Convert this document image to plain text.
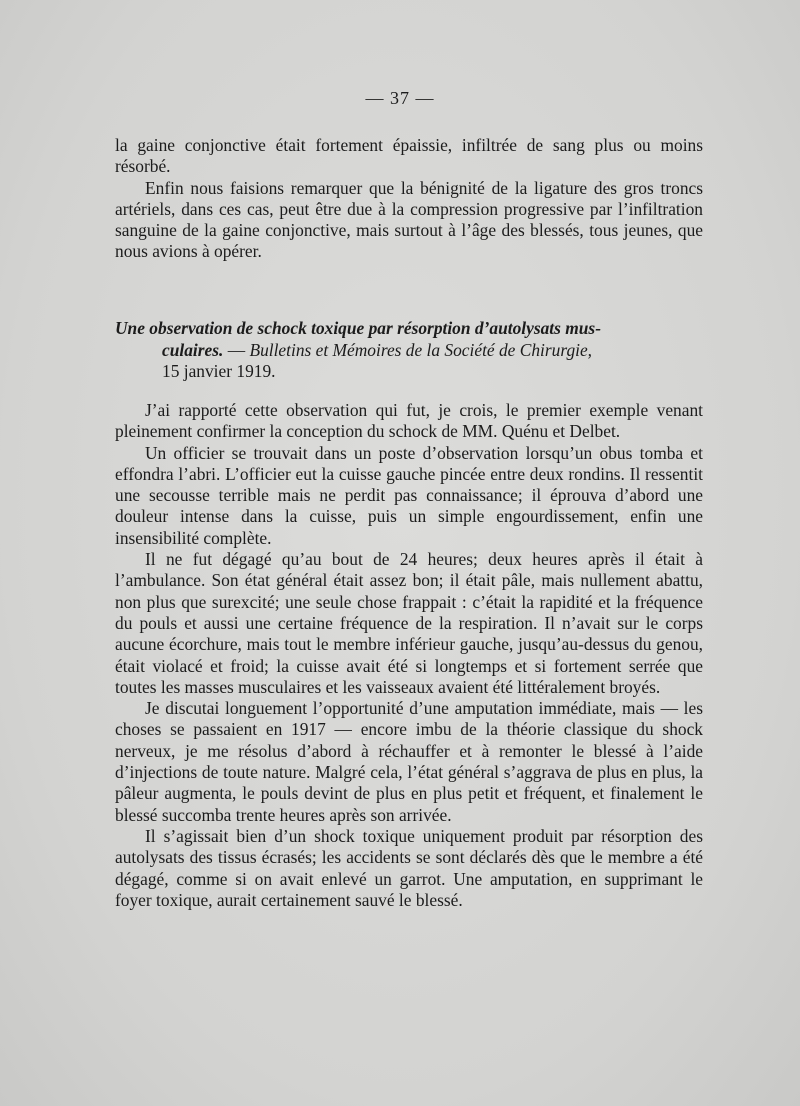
— 37 —

la gaine conjonctive était fortement épaissie, infiltrée de sang plus ou moins résorbé.

Enfin nous faisions remarquer que la bénignité de la ligature des gros troncs artériels, dans ces cas, peut être due à la compression progressive par l’infiltration sanguine de la gaine conjonctive, mais surtout à l’âge des blessés, tous jeunes, que nous avions à opérer.

Une observation de schock toxique par résorption d’autolysats mus-

culaires. — Bulletins et Mémoires de la Société de Chirurgie,

15 janvier 1919.

J’ai rapporté cette observation qui fut, je crois, le premier exemple venant pleinement confirmer la conception du schock de MM. Quénu et Delbet.

Un officier se trouvait dans un poste d’observation lorsqu’un obus tomba et effondra l’abri. L’officier eut la cuisse gauche pincée entre deux rondins. Il ressentit une secousse terrible mais ne perdit pas connaissance; il éprouva d’abord une douleur intense dans la cuisse, puis un simple engourdissement, enfin une insensibilité complète.

Il ne fut dégagé qu’au bout de 24 heures; deux heures après il était à l’ambulance. Son état général était assez bon; il était pâle, mais nullement abattu, non plus que surexcité; une seule chose frappait : c’était la rapidité et la fréquence du pouls et aussi une certaine fréquence de la respiration. Il n’avait sur le corps aucune écorchure, mais tout le membre inférieur gauche, jusqu’au-dessus du genou, était violacé et froid; la cuisse avait été si longtemps et si fortement serrée que toutes les masses musculaires et les vaisseaux avaient été littéralement broyés.

Je discutai longuement l’opportunité d’une amputation immédiate, mais — les choses se passaient en 1917 — encore imbu de la théorie classique du shock nerveux, je me résolus d’abord à réchauffer et à remonter le blessé à l’aide d’injections de toute nature. Malgré cela, l’état général s’aggrava de plus en plus, la pâleur augmenta, le pouls devint de plus en plus petit et fréquent, et finalement le blessé succomba trente heures après son arrivée.

Il s’agissait bien d’un shock toxique uniquement produit par résorption des autolysats des tissus écrasés; les accidents se sont déclarés dès que le membre a été dégagé, comme si on avait enlevé un garrot. Une amputation, en supprimant le foyer toxique, aurait certainement sauvé le blessé.
